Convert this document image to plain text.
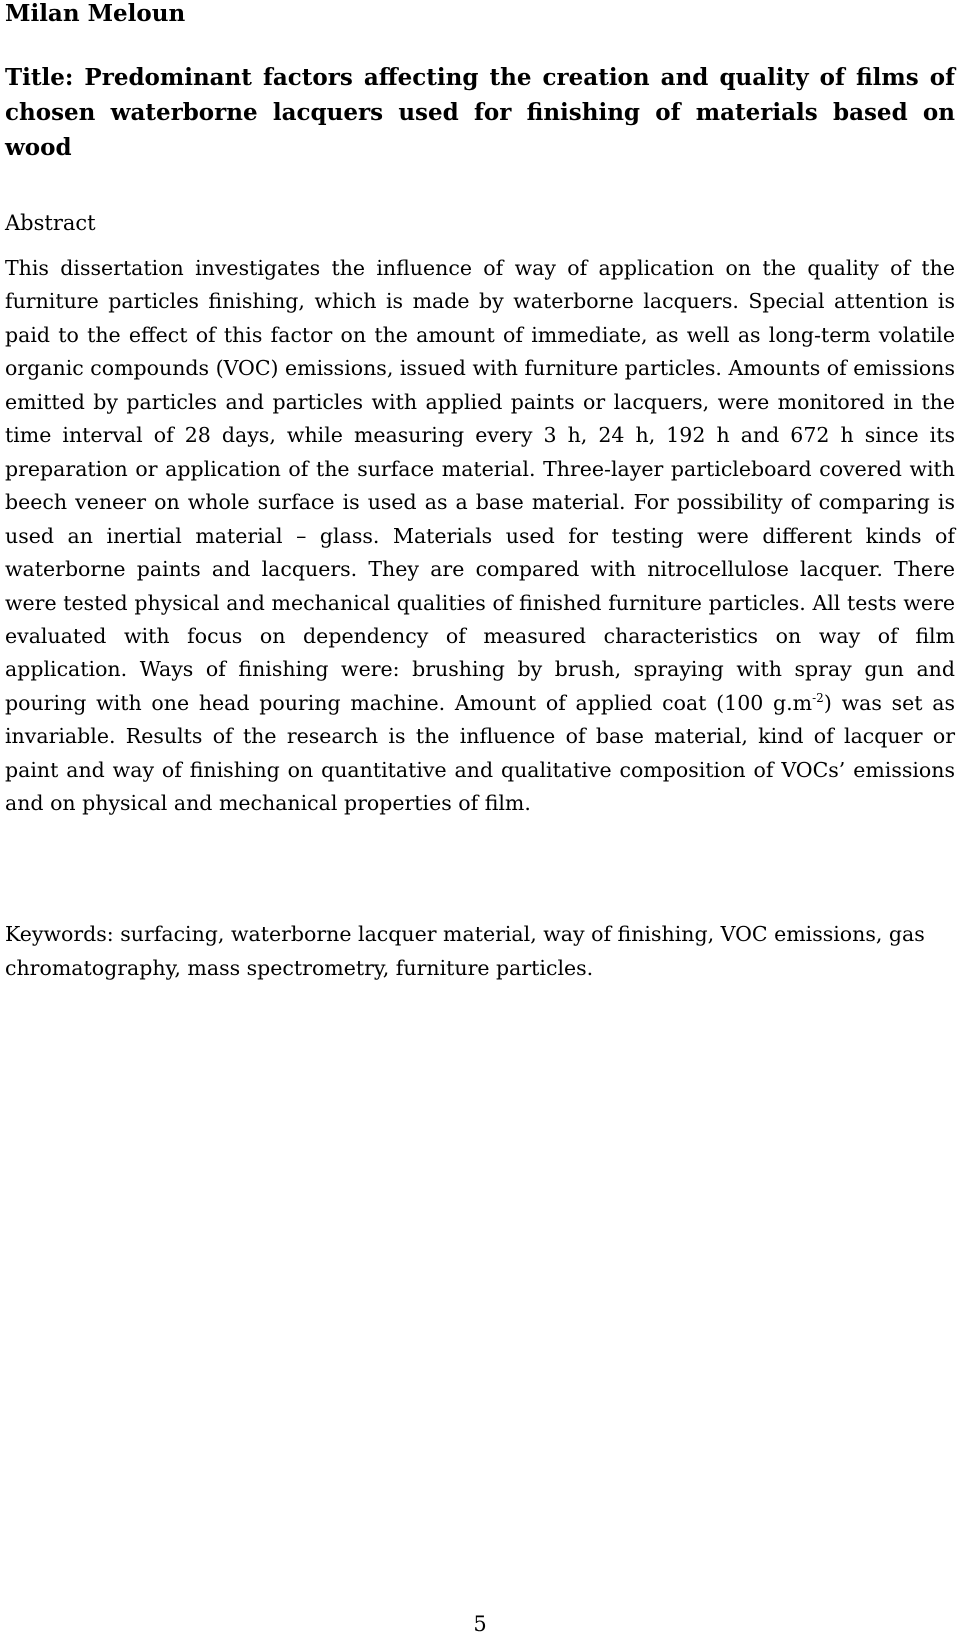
Milan Meloun

Title: Predominant factors affecting the creation and quality of films of chosen waterborne lacquers used for finishing of materials based on wood

Abstract

This dissertation investigates the influence of way of application on the quality of the furniture particles finishing, which is made by waterborne lacquers. Special attention is paid to the effect of this factor on the amount of immediate, as well as long-term volatile organic compounds (VOC) emissions, issued with furniture particles. Amounts of emissions emitted by particles and particles with applied paints or lacquers, were monitored in the time interval of 28 days, while measuring every 3 h, 24 h, 192 h and 672 h since its preparation or application of the surface material. Three-layer particleboard covered with beech veneer on whole surface is used as a base material. For possibility of comparing is used an inertial material – glass. Materials used for testing were different kinds of waterborne paints and lacquers. They are compared with nitrocellulose lacquer. There were tested physical and mechanical qualities of finished furniture particles. All tests were evaluated with focus on dependency of measured characteristics on way of film application. Ways of finishing were: brushing by brush, spraying with spray gun and pouring with one head pouring machine. Amount of applied coat (100 $g.m^{-2}$) was set as invariable. Results of the research is the influence of base material, kind of lacquer or paint and way of finishing on quantitative and qualitative composition of VOCs’ emissions and on physical and mechanical properties of film.

Keywords: surfacing, waterborne lacquer material, way of finishing, VOC emissions, gas chromatography, mass spectrometry, furniture particles.

5
